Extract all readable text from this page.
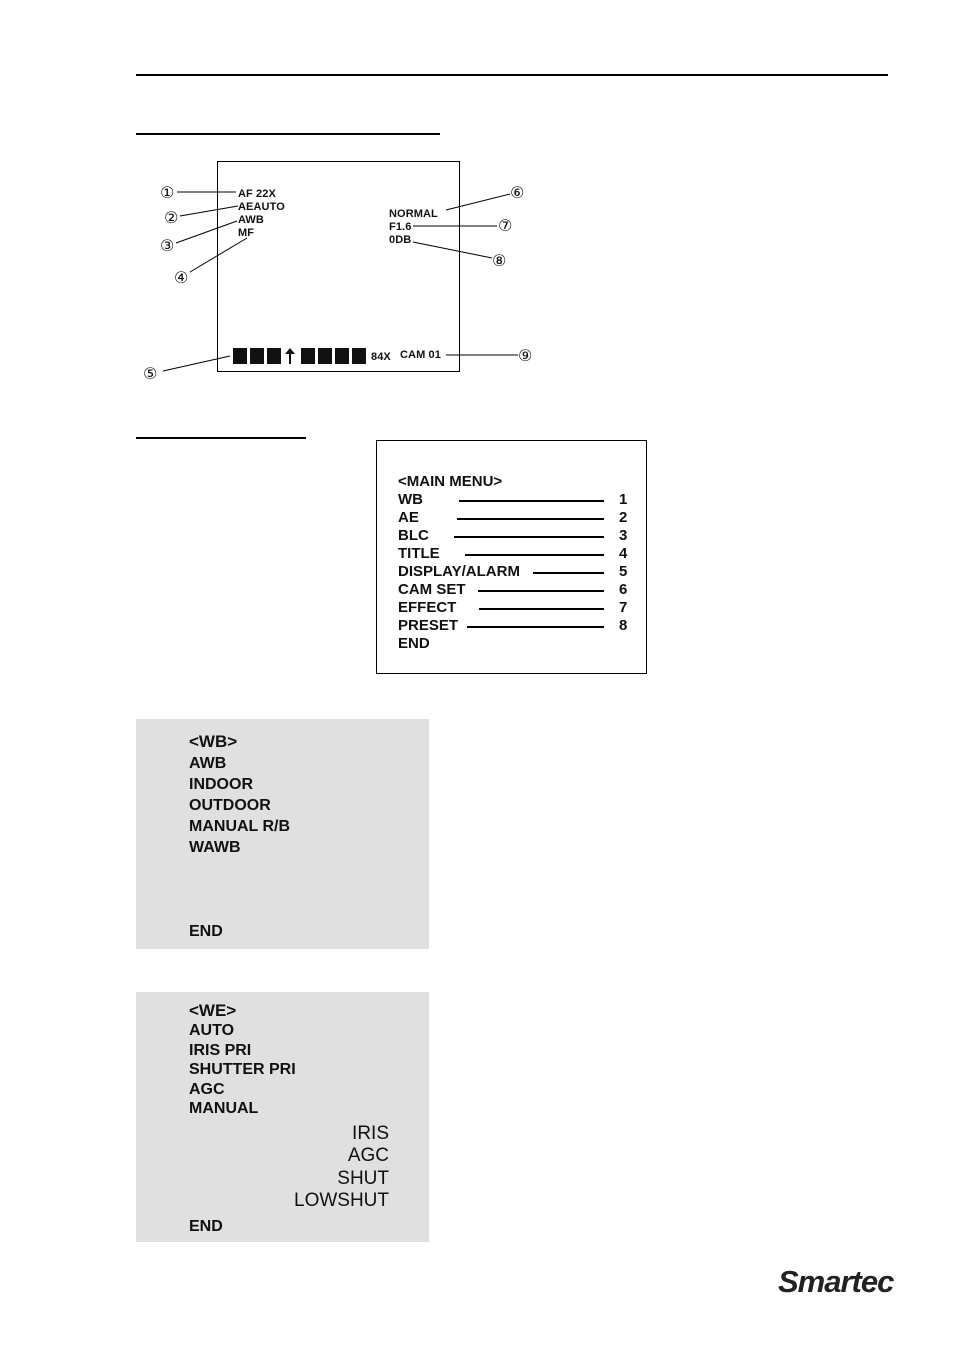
①
②
③
④
⑤
⑥
⑦
⑧
⑨
AF 22X
AEAUTO
AWB
MF
NORMAL
F1.6
0DB
84X CAM 01
<MAIN MENU>
WB	1
AE	2
BLC	3
TITLE	4
DISPLAY/ALARM	5
CAM SET	6
EFFECT	7
PRESET	8
END
<WB>
AWB
INDOOR
OUTDOOR
MANUAL R/B
WAWB
END
<WE>
AUTO
IRIS PRI
SHUTTER PRI
AGC
MANUAL
IRIS
AGC
SHUT
LOWSHUT
END
Smartec
